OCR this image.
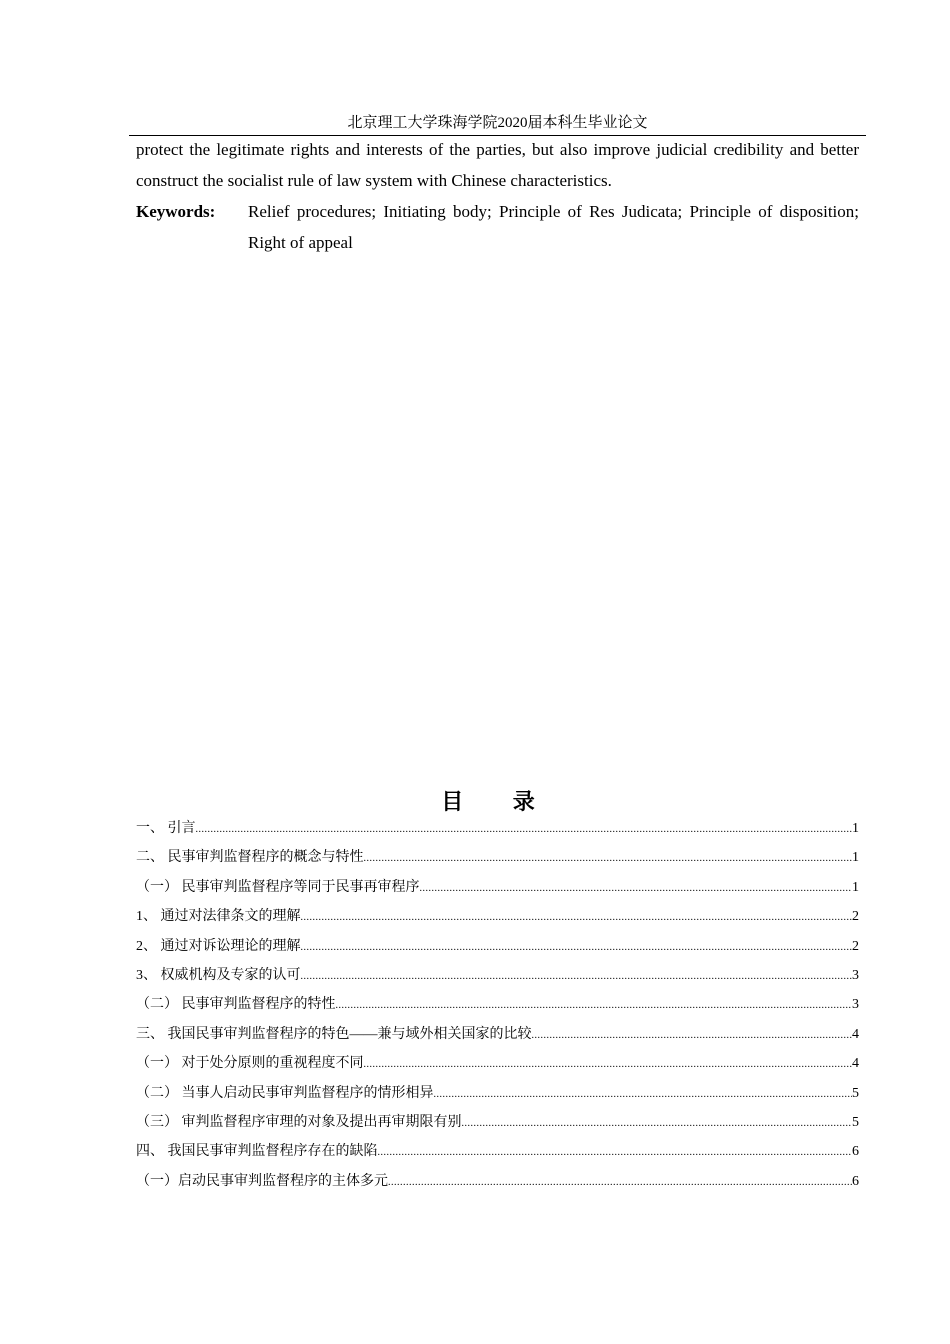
北京理工大学珠海学院2020届本科生毕业论文

protect the legitimate rights and interests of the parties, but also improve judicial credibility and better construct the socialist rule of law system with Chinese characteristics.

Keywords:	Relief procedures; Initiating body; Principle of Res Judicata; Principle of disposition; Right of appeal
目 录
一、 引言 .....	1
二、 民事审判监督程序的概念与特性 .....	1
（一） 民事审判监督程序等同于民事再审程序 .....	1
1、 通过对法律条文的理解 .....	2
2、 通过对诉讼理论的理解 .....	2
3、 权威机构及专家的认可 .....	3
（二） 民事审判监督程序的特性 .....	3
三、 我国民事审判监督程序的特色——兼与域外相关国家的比较 .....	4
（一） 对于处分原则的重视程度不同 .....	4
（二） 当事人启动民事审判监督程序的情形相异 .....	5
（三） 审判监督程序审理的对象及提出再审期限有别 .....	5
四、 我国民事审判监督程序存在的缺陷 .....	6
（一）启动民事审判监督程序的主体多元 .....	6
